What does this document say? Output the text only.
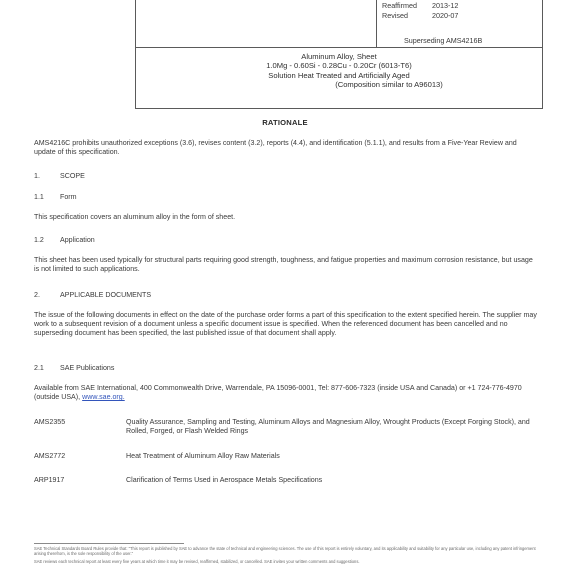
Reaffirmed 2013-12
Revised	2020-07
Superseding AMS4216B
Aluminum Alloy, Sheet
1.0Mg - 0.60Si - 0.28Cu - 0.20Cr (6013-T6)
Solution Heat Treated and Artificially Aged
(Composition similar to A96013)
RATIONALE
AMS4216C prohibits unauthorized exceptions (3.6), revises content (3.2), reports (4.4), and identification (5.1.1), and results from a Five-Year Review and update of this specification.
1.	SCOPE
1.1 Form
This specification covers an aluminum alloy in the form of sheet.
1.2 Application
This sheet has been used typically for structural parts requiring good strength, toughness, and fatigue properties and maximum corrosion resistance, but usage is not limited to such applications.
2.	APPLICABLE DOCUMENTS
The issue of the following documents in effect on the date of the purchase order forms a part of this specification to the extent specified herein. The supplier may work to a subsequent revision of a document unless a specific document issue is specified. When the referenced document has been cancelled and no superseding document has been specified, the last published issue of that document shall apply.
2.1 SAE Publications
Available from SAE International, 400 Commonwealth Drive, Warrendale, PA 15096-0001, Tel: 877-606-7323 (inside USA and Canada) or +1 724-776-4970 (outside USA), www.sae.org.
AMS2355	Quality Assurance, Sampling and Testing, Aluminum Alloys and Magnesium Alloy, Wrought Products (Except Forging Stock), and Rolled, Forged, or Flash Welded Rings
AMS2772	Heat Treatment of Aluminum Alloy Raw Materials
ARP1917	Clarification of Terms Used in Aerospace Metals Specifications
SAE Technical Standards Board Rules provide that: "This report is published by SAE to advance the state of technical and engineering sciences. The use of this report is entirely voluntary, and its applicability and suitability for any particular use, including any patent infringement arising therefrom, is the sole responsibility of the user."
SAE reviews each technical report at least every five years at which time it may be revised, reaffirmed, stabilized, or cancelled. SAE invites your written comments and suggestions.
